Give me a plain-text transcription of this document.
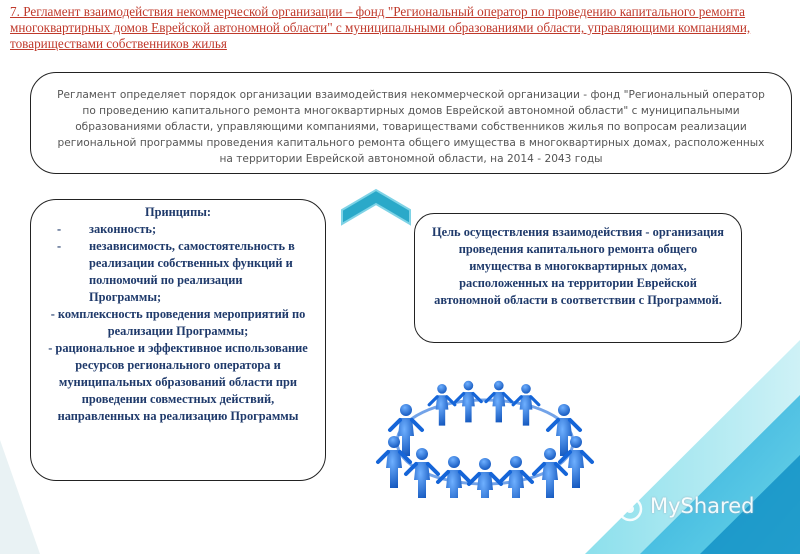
7. Регламент взаимодействия некоммерческой организации – фонд "Региональный оператор по проведению капитального ремонта многоквартирных домов Еврейской автономной области" с муниципальными образованиями области, управляющими компаниями, товариществами собственников жилья
Регламент определяет порядок организации взаимодействия некоммерческой организации - фонд "Региональный оператор по проведению капитального ремонта многоквартирных домов Еврейской автономной области" с муниципальными образованиями области, управляющими компаниями, товариществами собственников жилья по вопросам реализации региональной программы проведения капитального ремонта общего имущества в многоквартирных домах, расположенных на территории Еврейской автономной области, на 2014 - 2043 годы
Принципы:
- законность;
- независимость, самостоятельность в реализации собственных функций и полномочий по реализации Программы;
- комплексность проведения мероприятий по реализации Программы;
- рациональное и эффективное использование ресурсов регионального оператора и муниципальных образований области при проведении совместных действий, направленных на реализацию Программы
Цель осуществления взаимодействия - организация проведения капитального ремонта общего имущества в многоквартирных домах, расположенных на территории Еврейской автономной области в соответствии с Программой.
MyShared
